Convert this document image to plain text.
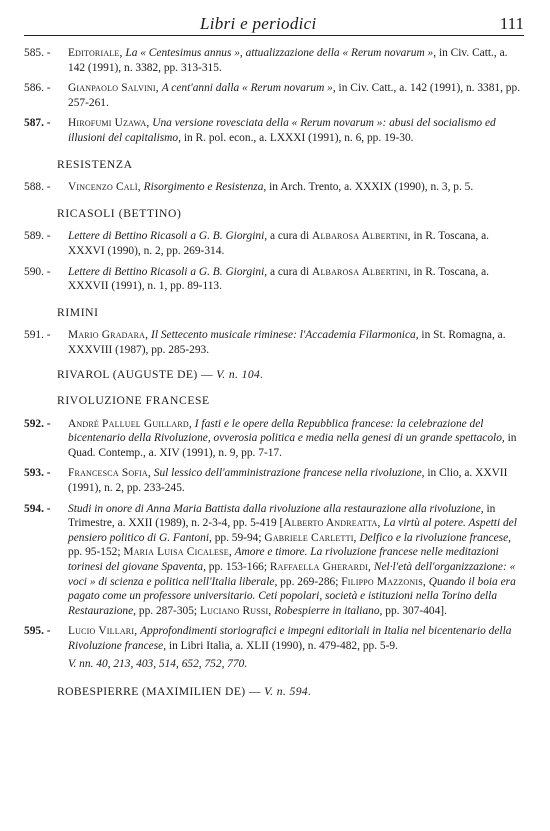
Libri e periodici	111
585. - Editoriale, La « Centesimus annus », attualizzazione della « Rerum novarum », in Civ. Catt., a. 142 (1991), n. 3382, pp. 313-315.
586. - Gianpaolo Salvini, A cent'anni dalla « Rerum novarum », in Civ. Catt., a. 142 (1991), n. 3381, pp. 257-261.
587. - Hirofumi Uzawa, Una versione rovesciata della « Rerum novarum »: abusi del socialismo ed illusioni del capitalismo, in R. pol. econ., a. LXXXI (1991), n. 6, pp. 19-30.
RESISTENZA
588. - Vincenzo Calì, Risorgimento e Resistenza, in Arch. Trento, a. XXXIX (1990), n. 3, p. 5.
RICASOLI (BETTINO)
589. - Lettere di Bettino Ricasoli a G. B. Giorgini, a cura di Albarosa Albertini, in R. Toscana, a. XXXVI (1990), n. 2, pp. 269-314.
590. - Lettere di Bettino Ricasoli a G. B. Giorgini, a cura di Albarosa Albertini, in R. Toscana, a. XXXVII (1991), n. 1, pp. 89-113.
RIMINI
591. - Mario Gradara, Il Settecento musicale riminese: l'Accademia Filarmonica, in St. Romagna, a. XXXVIII (1987), pp. 285-293.
RIVAROL (AUGUSTE DE) — V. n. 104.
RIVOLUZIONE FRANCESE
592. - André Palluel Guillard, I fasti e le opere della Repubblica francese: la celebrazione del bicentenario della Rivoluzione, ovverosia politica e media nella genesi di un grande spettacolo, in Quad. Contemp., a. XIV (1991), n. 9, pp. 7-17.
593. - Francesca Sofia, Sul lessico dell'amministrazione francese nella rivoluzione, in Clio, a. XXVII (1991), n. 2, pp. 233-245.
594. - Studi in onore di Anna Maria Battista dalla rivoluzione alla restaurazione alla rivoluzione, in Trimestre, a. XXII (1989), n. 2-3-4, pp. 5-419 [Alberto Andreatta, La virtù al potere. Aspetti del pensiero politico di G. Fantoni, pp. 59-94; Gabriele Carletti, Delfico e la rivoluzione francese, pp. 95-152; Maria Luisa Cicalese, Amore e timore. La rivoluzione francese nelle meditazioni torinesi del giovane Spaventa, pp. 153-166; Raffaella Gherardi, Nel·l'età dell'organizzazione: « voci » di scienza e politica nell'Italia liberale, pp. 269-286; Filippo Mazzonis, Quando il boia era pagato come un professore universitario. Ceti popolari, società e istituzioni nella Torino della Restaurazione, pp. 287-305; Luciano Russi, Robespierre in italiano, pp. 307-404].
595. - Lucio Villari, Approfondimenti storiografici e impegni editoriali in Italia nel bicentenario della Rivoluzione francese, in Libri Italia, a. XLII (1990), n. 479-482, pp. 5-9.
V. nn. 40, 213, 403, 514, 652, 752, 770.
ROBESPIERRE (MAXIMILIEN DE) — V. n. 594.
